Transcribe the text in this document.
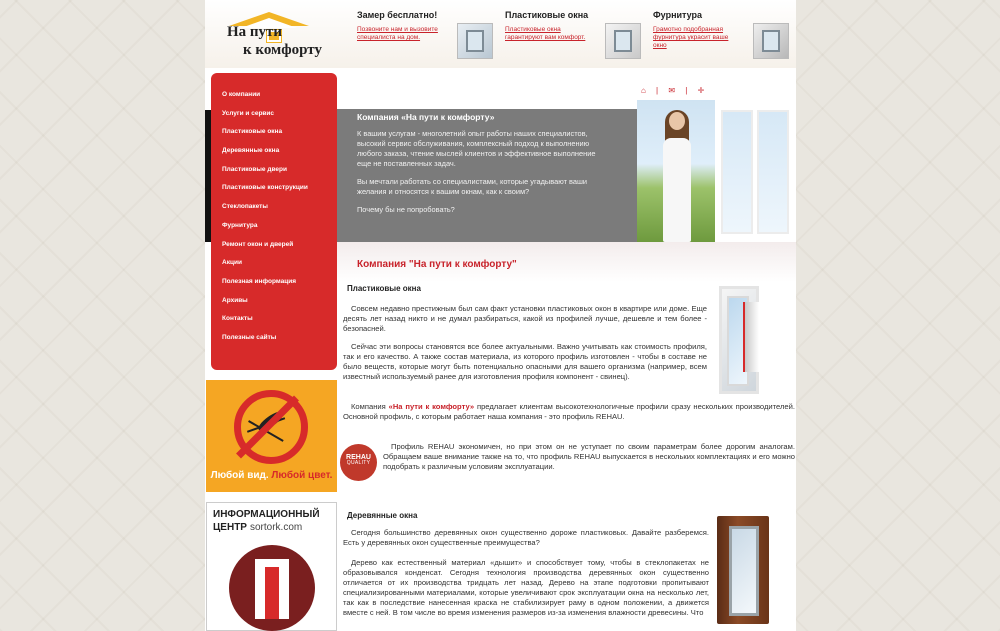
На пути
к комфорту
Замер бесплатно!
Позвоните нам и вызовите специалиста на дом.
Пластиковые окна
Пластиковые окна гарантируют вам комфорт.
Фурнитура
Грамотно подобранная фурнитура украсит ваше окно
О компании
Услуги и сервис
Пластиковые окна
Деревянные окна
Пластиковые двери
Пластиковые конструкции
Стеклопакеты
Фурнитура
Ремонт окон и дверей
Акции
Полезная информация
Архивы
Контакты
Полезные сайты
⌂ | ✉ | ✛
Компания «На пути к комфорту»

К вашим услугам - многолетний опыт работы наших специалистов, высокий сервис обслуживания, комплексный подход к выполнению любого заказа, чтение мыслей клиентов и эффективное выполнение еще не поставленных задач.

Вы мечтали работать со специалистами, которые угадывают ваши желания и относятся к вашим окнам, как к своим?

Почему бы не попробовать?

Компания "На пути к комфорту"
Пластиковые окна
Совсем недавно престижным был сам факт установки пластиковых окон в квартире или доме. Еще десять лет назад никто и не думал разбираться, какой из профилей лучше, дешевле и тем более - безопасней.
Сейчас эти вопросы становятся все более актуальными. Важно учитывать как стоимость профиля, так и его качество. А также состав материала, из которого профиль изготовлен - чтобы в составе не было веществ, которые могут быть потенциально опасными для вашего организма (например, всем известный используемый ранее для изготовления профиля компонент - свинец).
Компания «На пути к комфорту» предлагает клиентам высокотехнологичные профили сразу нескольких производителей. Основной профиль, с которым работает наша компания - это профиль REHAU.
Профиль REHAU экономичен, но при этом он не уступает по своим параметрам более дорогим аналогам. Обращаем ваше внимание также на то, что профиль REHAU выпускается в нескольких комплектациях и его можно подобрать к различным условиям эксплуатации.
REHAU
QUALITY
Деревянные окна
Сегодня большинство деревянных окон существенно дороже пластиковых. Давайте разберемся. Есть у деревянных окон существенные преимущества?
Дерево как естественный материал «дышит» и способствует тому, чтобы в стеклопакетах не образовывался конденсат. Сегодня технология производства деревянных окон существенно отличается от их производства тридцать лет назад. Дерево на этапе подготовки пропитывают специализированными материалами, которые увеличивают срок эксплуатации окна на несколько лет, так как в последствие нанесенная краска не стабилизирует раму в одном положении, а движется вместе с ней. В том числе во время изменения размеров из-за изменения влажности древесины. Что
Любой вид. Любой цвет.
ИНФОРМАЦИОННЫЙ
ЦЕНТР sortork.com
